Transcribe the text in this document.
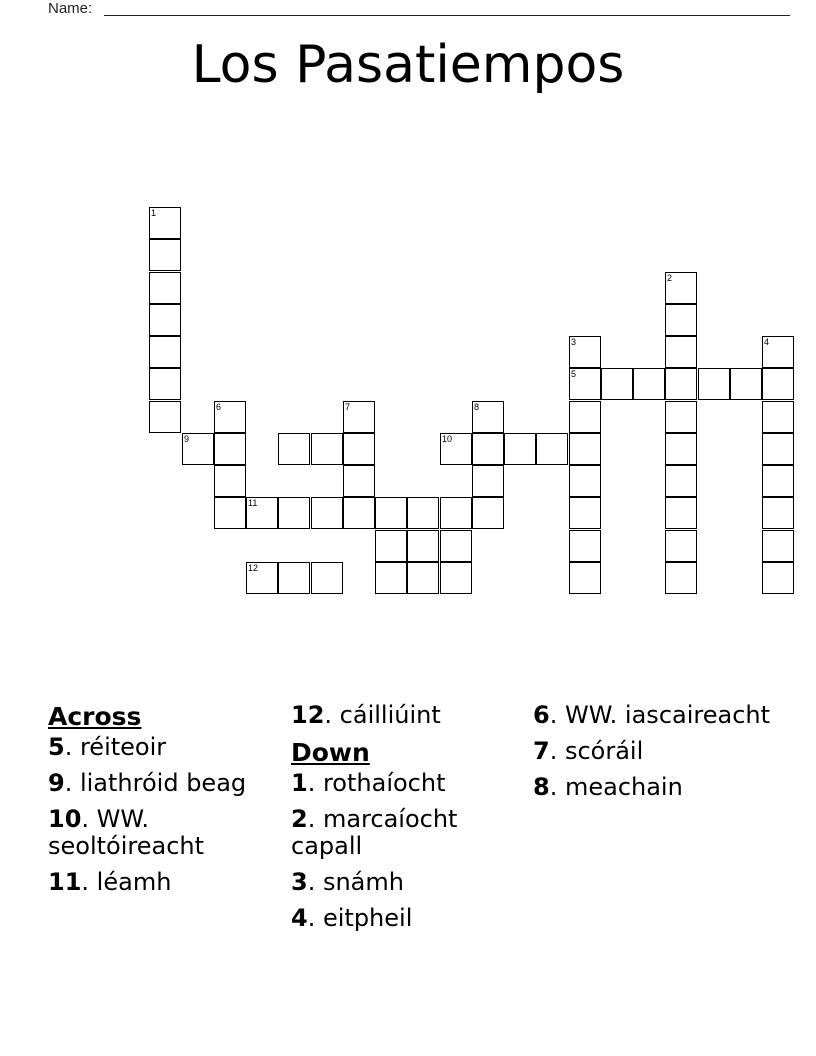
Name:
Los Pasatiempos
1
6	7	8
3
5
2
4
9	10
11
12
Across
5. réiteoir
9. liathróid beag
10. WW. seoltóireacht
11. léamh
12. cáilliúint
Down
1. rothaíocht
2. marcaíocht capall
3. snámh
4. eitpheil
6. WW. iascaireacht
7. scóráil
8. meachain
